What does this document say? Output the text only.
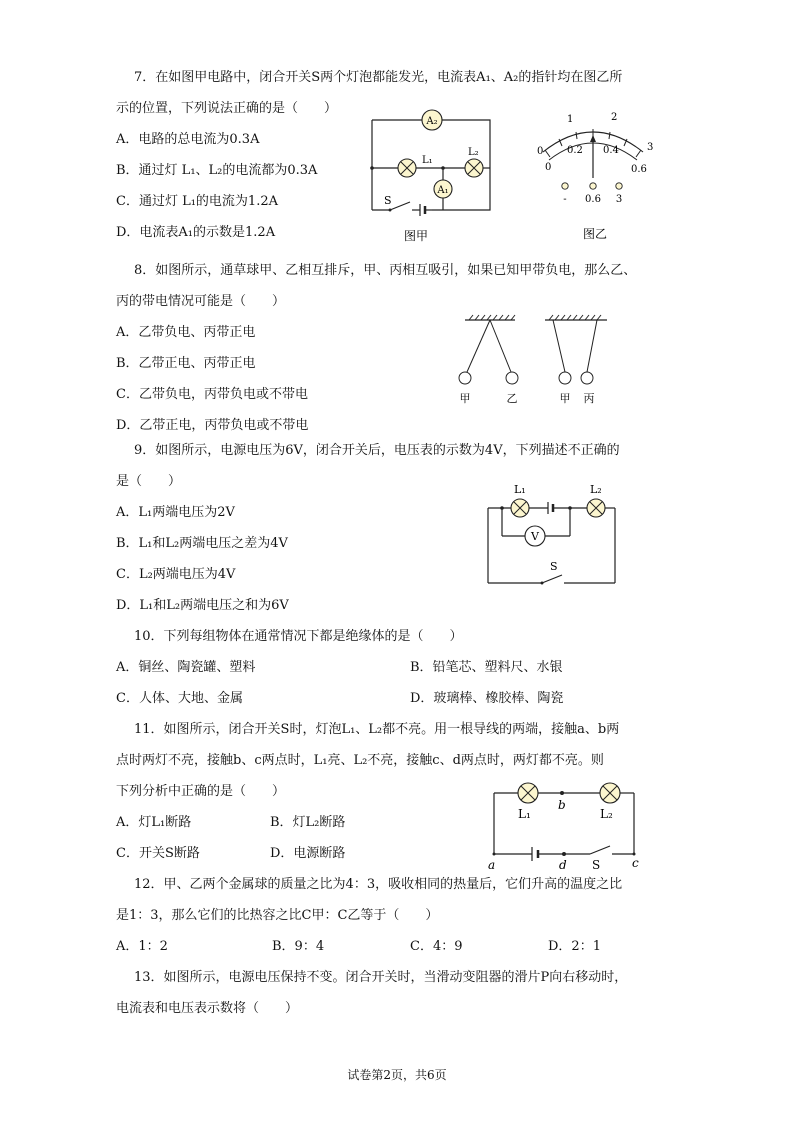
7．在如图甲电路中，闭合开关S两个灯泡都能发光，电流表A₁、A₂的指针均在图乙所
示的位置，下列说法正确的是（　　）
A．电路的总电流为0.3A
B．通过灯 L₁、L₂的电流都为0.3A
C．通过灯 L₁的电流为1.2A
D．电流表A₁的示数是1.2A
A₂
A₁
L₁
L₂
S
图甲
0
1	2
3
0
0.2 0.4
0.6
- 0.6 3
图乙
8．如图所示，通草球甲、乙相互排斥，甲、丙相互吸引，如果已知甲带负电，那么乙、
丙的带电情况可能是（　　）
A．乙带负电、丙带正电
B．乙带正电、丙带正电
C．乙带负电，丙带负电或不带电
D．乙带正电，丙带负电或不带电
甲	乙	甲 丙
9．如图所示，电源电压为6V，闭合开关后，电压表的示数为4V，下列描述不正确的
是（　　）
A．L₁两端电压为2V
B．L₁和L₂两端电压之差为4V
C．L₂两端电压为4V
D．L₁和L₂两端电压之和为6V
L₁	L₂
V
S
10．下列每组物体在通常情况下都是绝缘体的是（　　）
A．铜丝、陶瓷罐、塑料	B．铅笔芯、塑料尺、水银
C．人体、大地、金属	D．玻璃棒、橡胶棒、陶瓷
11．如图所示，闭合开关S时，灯泡L₁、L₂都不亮。用一根导线的两端，接触a、b两
点时两灯不亮，接触b、c两点时，L₁亮、L₂不亮，接触c、d两点时，两灯都不亮。则
下列分析中正确的是（　　）
A．灯L₁断路	B．灯L₂断路
C．开关S断路	D．电源断路
L₁	L₂
b
a	d S	c
12．甲、乙两个金属球的质量之比为4：3，吸收相同的热量后，它们升高的温度之比
是1：3，那么它们的比热容之比C甲：C乙等于（　　）
A．1：2	B．9：4	C．4：9	D．2：1
13．如图所示，电源电压保持不变。闭合开关时，当滑动变阻器的滑片P向右移动时，
电流表和电压表示数将（　　）
试卷第2页，共6页
